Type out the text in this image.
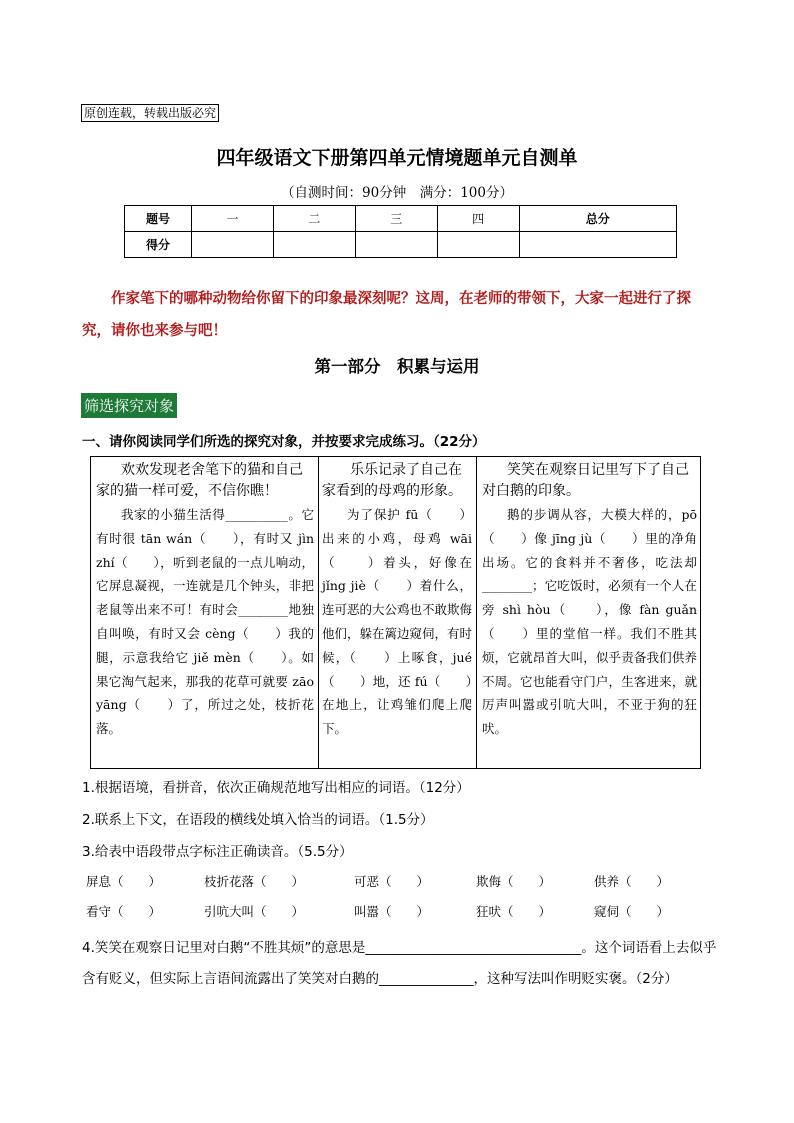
原创连载，转载出版必究
四年级语文下册第四单元情境题单元自测单
（自测时间：90分钟　满分：100分）
题号	一	二	三	四	总分
得分					
作家笔下的哪种动物给你留下的印象最深刻呢？这周，在老师的带领下，大家一起进行了探究，请你也来参与吧！
第一部分　积累与运用
筛选探究对象
一、请你阅读同学们所选的探究对象，并按要求完成练习。（22分）
欢欢发现老舍笔下的猫和自己家的猫一样可爱，不信你瞧！
我家的小猫生活得__________。它有时很 tān wán（　　），有时又 jìn zhí（　　），听到老鼠的一点儿响动，它屏息凝视，一连就是几个钟头，非把老鼠等出来不可！有时会________地独自叫唤，有时又会 cèng（　　）我的腿，示意我给它 jiě mèn（　　）。如果它淘气起来，那我的花草可就要 zāo yāng（　　）了，所过之处，枝折花落。
乐乐记录了自己在家看到的母鸡的形象。
为了保护 fū（　　）出来的小鸡，母鸡 wāi（　　）着头，好像在 jǐng jiè（　　）着什么，连可恶的大公鸡也不敢欺侮他们，躲在篱边窥伺，有时候，（　　）上啄食，jué（　　）地，还 fú（　　）在地上，让鸡雏们爬上爬下。
笑笑在观察日记里写下了自己对白鹅的印象。
鹅的步调从容，大模大样的，pō（　　）像 jīng jù（　　）里的净角出场。它的食料并不奢侈，吃法却________；它吃饭时，必须有一个人在旁 shì hòu（　　），像 fàn guǎn（　　）里的堂倌一样。我们不胜其烦，它就昂首大叫，似乎责备我们供养不周。它也能看守门户，生客进来，就厉声叫嚣或引吭大叫，不亚于狗的狂吠。
1.根据语境，看拼音，依次正确规范地写出相应的词语。（12分）
2.联系上下文，在语段的横线处填入恰当的词语。（1.5分）
3.给表中语段带点字标注正确读音。（5.5分）
屏息（　　）	枝折花落（　　）	可恶（　　）	欺侮（　　）	供养（　　）
看守（　　）	引吭大叫（　　）	叫嚣（　　）	狂吠（　　）	窥伺（　　）
4.笑笑在观察日记里对白鹅“不胜其烦”的意思是________________________________。这个词语看上去似乎含有贬义，但实际上言语间流露出了笑笑对白鹅的______________，这种写法叫作明贬实褒。（2分）
